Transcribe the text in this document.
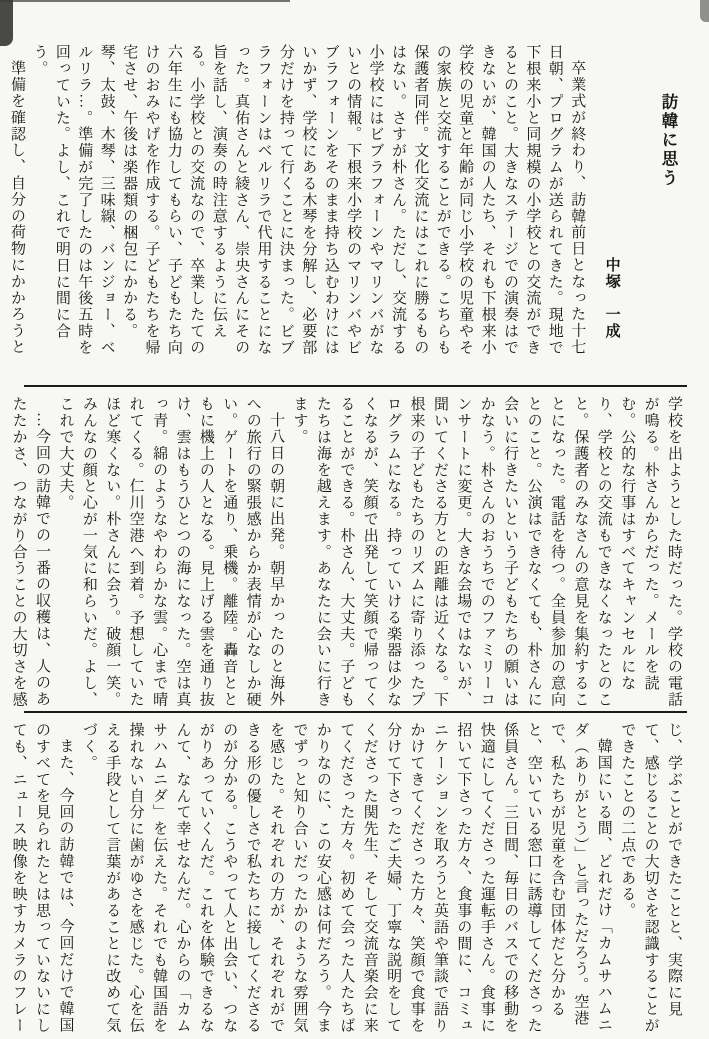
訪韓に思う
中塚　一成

卒業式が終わり、訪韓前日となった十七日朝、プログラムが送られてきた。現地で下根来小と同規模の小学校との交流ができるとのこと。大きなステージでの演奏はできないが、韓国の人たち、それも下根来小学校の児童と年齢が同じ小学校の児童やその家族と交流することができる。こちらも保護者同伴。文化交流にはこれに勝るものはない。さすが朴さん。ただし、交流する小学校にはビブラフォーンやマリンバがないとの情報。下根来小学校のマリンバやビブラフォーンをそのまま持ち込むわけにはいかず、学校にある木琴を分解し、必要部分だけを持って行くことに決まった。ビブラフォーンはベルリラで代用することになった。真佑さんと綾さん、崇央さんにその旨を話し、演奏の時注意するように伝える。小学校との交流なので、卒業したての六年生にも協力してもらい、子どもたち向けのおみやげを作成する。子どもたちを帰宅させ、午後は楽器類の梱包にかかる。琴、太鼓、木琴、三味線、バンジョー、ベルリラ…。準備が完了したのは午後五時を回っていた。よし、これで明日に間に合う。

準備を確認し、自分の荷物にかかろうと

学校を出ようとした時だった。学校の電話が鳴る。朴さんからだった。メールを読む。公的な行事はすべてキャンセルになり、学校との交流もできなくなったとのこと。保護者のみなさんの意見を集約することになった。電話を待つ。全員参加の意向とのこと。公演はできなくても、朴さんに会いに行きたいという子どもたちの願いはかなう。朴さんのおうちでのファミリーコンサートに変更。大きな会場ではないが、聞いてくださる方との距離は近くなる。下根来の子どもたちのリズムに寄り添ったプログラムになる。持っていける楽器は少なくなるが、笑顔で出発して笑顔で帰ってくることができる。朴さん、大丈夫。子どもたちは海を越えます。あなたに会いに行きます。

十八日の朝に出発。朝早かったのと海外への旅行の緊張感からか表情が心なしか硬い。ゲートを通り、乗機。離陸。轟音とともに機上の人となる。見上げる雲を通り抜け、雲はもうひとつの海になった。空は真っ青。綿のようなやわらかな雲。心まで晴れてくる。仁川空港へ到着。予想していたほど寒くない。朴さんに会う。破顔一笑。みんなの顔と心が一気に和らいだ。よし、これで大丈夫。

…今回の訪韓での一番の収穫は、人のあたたかさ、つながり合うことの大切さを感

じ、学ぶことができたことと、実際に見て、感じることの大切さを認識することができたことの二点である。

韓国にいる間、どれだけ「カムサハムニダ（ありがとう）」と言っただろう。空港で、私たちが児童を含む団体だと分かると、空いている窓口に誘導してくださった係員さん。三日間、毎日のバスでの移動を快適にしてくださった運転手さん。食事に招いて下さった方々、食事の間に、コミュニケーションを取ろうと英語や筆談で語りかけてきてくださった方々、笑顔で食事を分けて下さったご夫婦、丁寧な説明をしてくださった関先生、そして交流音楽会に来てくださった方々。初めて会った人たちばかりなのに、この安心感は何だろう。今までずっと知り合いだったかのような雰囲気を感じた。それぞれの方が、それぞれができる形の優しさで私たちに接してくださるのが分かる。こうやって人と出会い、つながりあっていくんだ。これを体験できるなんて、なんて幸せなんだ。心からの「カムサハムニダ」を伝えた。それでも韓国語を操れない自分に歯がゆさを感じた。心を伝える手段として言葉があることに改めて気づく。

また、今回の訪韓では、今回だけで韓国のすべてを見られたとは思っていないにしても、ニュース映像を映すカメラのフレー
